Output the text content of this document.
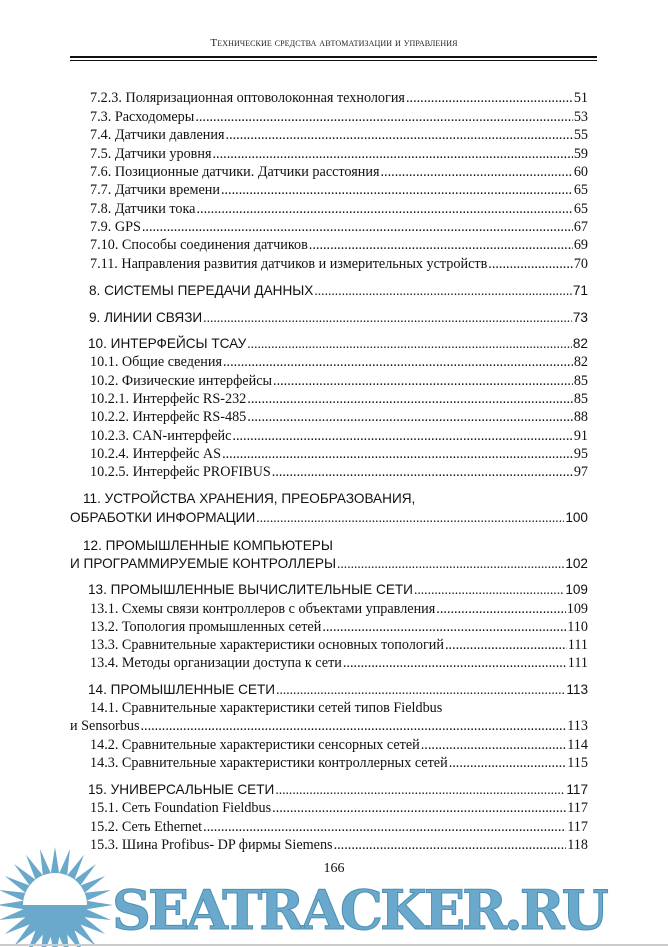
Технические средства автоматизации и управления
7.2.3. Поляризационная оптоволоконная технология .....	51
7.3. Расходомеры .....	53
7.4. Датчики давления .....	55
7.5. Датчики уровня .....	59
7.6. Позиционные датчики. Датчики расстояния .....	60
7.7. Датчики времени .....	65
7.8. Датчики тока .....	65
7.9. GPS .....	67
7.10. Способы соединения датчиков .....	69
7.11. Направления развития датчиков и измерительных устройств .....	70
8. СИСТЕМЫ ПЕРЕДАЧИ ДАННЫХ .....	71
9. ЛИНИИ СВЯЗИ .....	73
10. ИНТЕРФЕЙСЫ ТСАУ .....	82
10.1. Общие сведения .....	82
10.2. Физические интерфейсы .....	85
10.2.1. Интерфейс RS-232 .....	85
10.2.2. Интерфейс RS-485 .....	88
10.2.3. CAN-интерфейс .....	91
10.2.4. Интерфейс AS .....	95
10.2.5. Интерфейс PROFIBUS .....	97
11. УСТРОЙСТВА ХРАНЕНИЯ, ПРЕОБРАЗОВАНИЯ,
ОБРАБОТКИ ИНФОРМАЦИИ .....	100
12. ПРОМЫШЛЕННЫЕ КОМПЬЮТЕРЫ
И ПРОГРАММИРУЕМЫЕ КОНТРОЛЛЕРЫ .....	102
13. ПРОМЫШЛЕННЫЕ ВЫЧИСЛИТЕЛЬНЫЕ СЕТИ .....	109
13.1. Схемы связи контроллеров с объектами управления .....	109
13.2. Топология промышленных сетей .....	110
13.3. Сравнительные характеристики основных топологий .....	111
13.4. Методы организации доступа к сети .....	111
14. ПРОМЫШЛЕННЫЕ СЕТИ .....	113
14.1. Сравнительные характеристики сетей типов Fieldbus
и Sensorbus .....	113
14.2. Сравнительные характеристики сенсорных сетей .....	114
14.3. Сравнительные характеристики контроллерных сетей .....	115
15. УНИВЕРСАЛЬНЫЕ СЕТИ .....	117
15.1. Сеть Foundation Fieldbus .....	117
15.2. Сеть Ethernet .....	117
15.3. Шина Profibus- DP фирмы Siemens .....	118
SEATRACKER.RU
166
